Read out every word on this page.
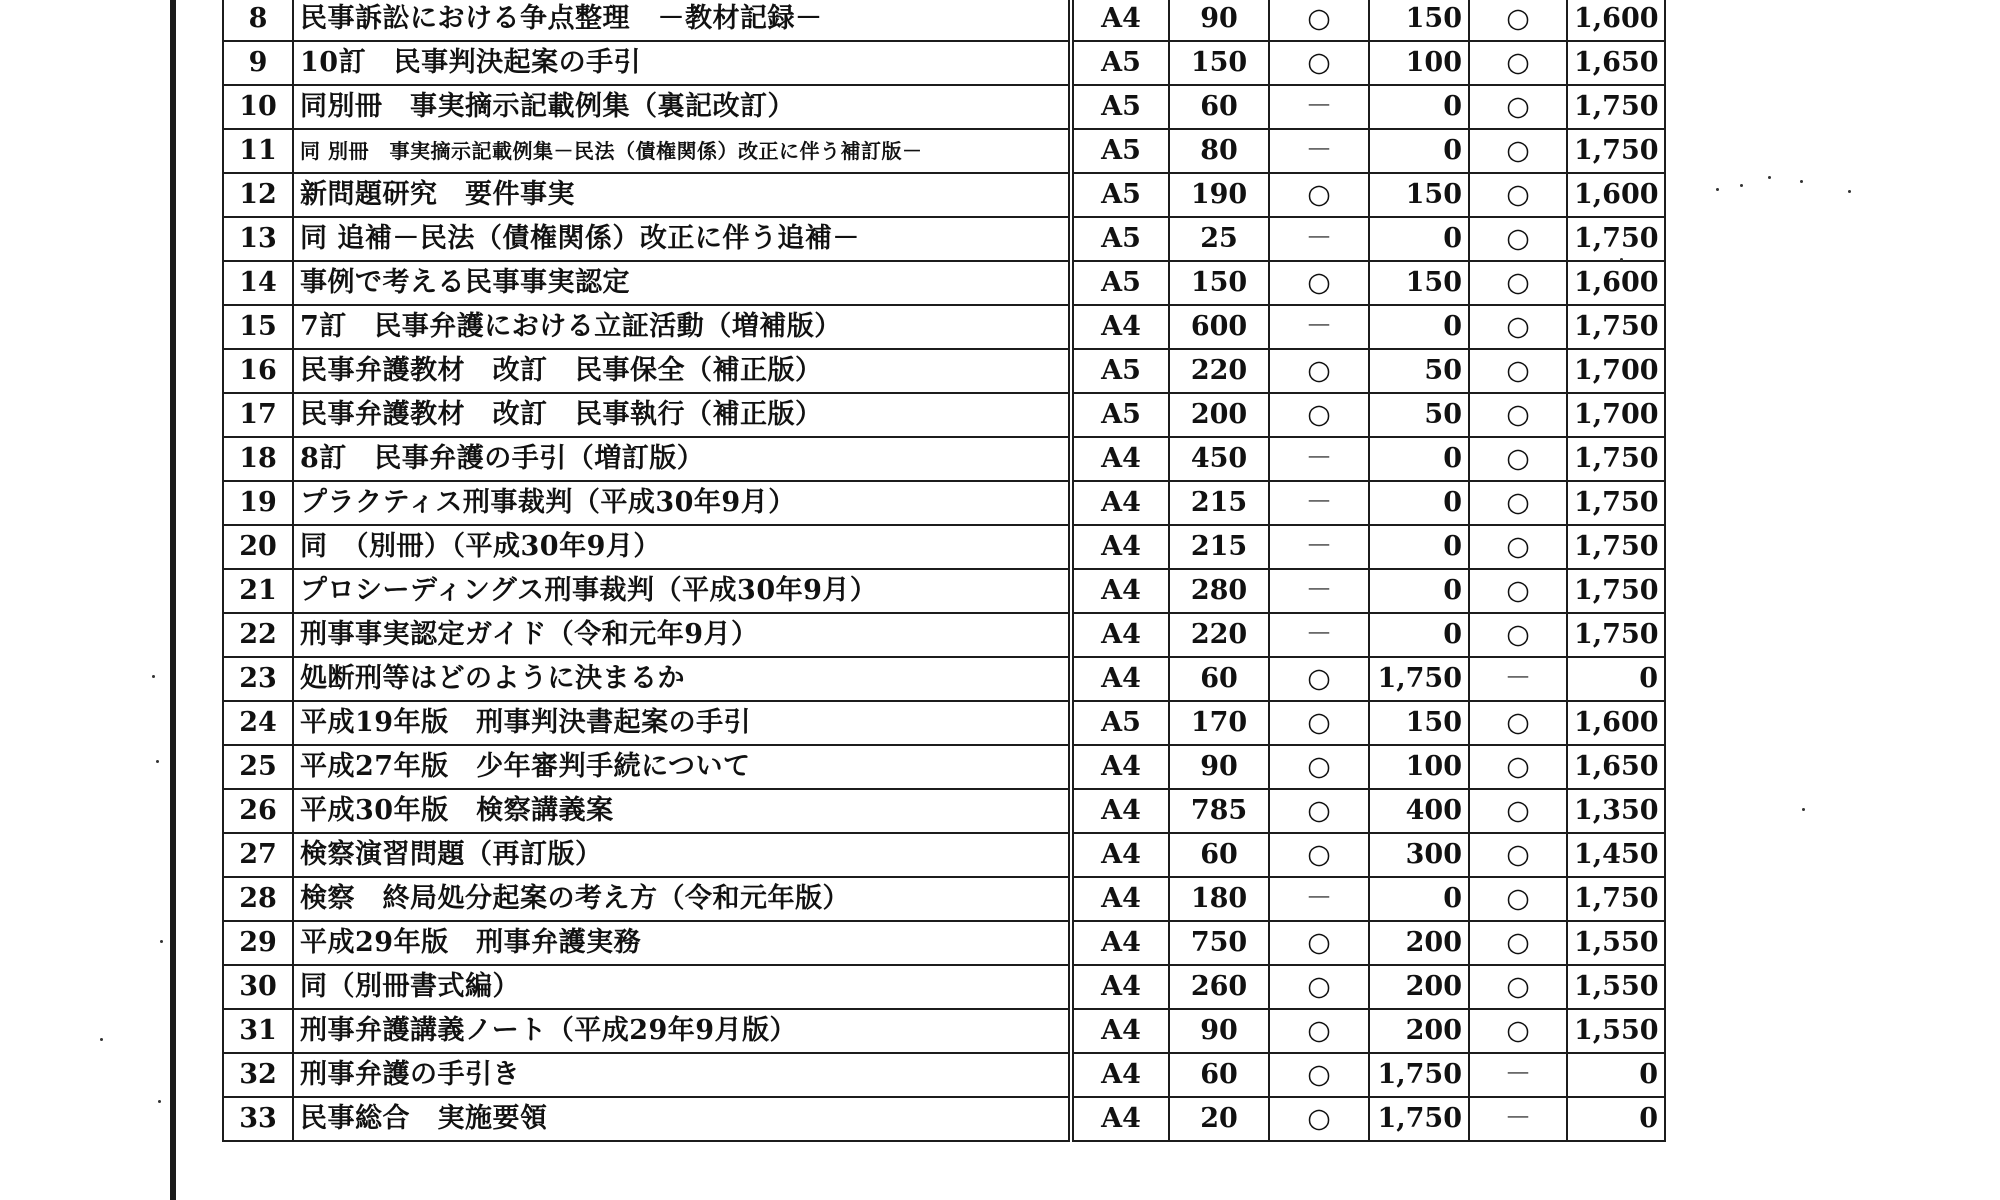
8	民事訴訟における争点整理　－教材記録－	A4	90	○	150	○	1,600
9	10訂　民事判決起案の手引	A5	150	○	100	○	1,650
10	同別冊　事実摘示記載例集（裏記改訂）	A5	60	－	0	○	1,750
11	同 別冊　事実摘示記載例集－民法（債権関係）改正に伴う補訂版－	A5	80	－	0	○	1,750
12	新問題研究　要件事実	A5	190	○	150	○	1,600
13	同 追補－民法（債権関係）改正に伴う追補－	A5	25	－	0	○	1,750
14	事例で考える民事事実認定	A5	150	○	150	○	1,600
15	7訂　民事弁護における立証活動（増補版）	A4	600	－	0	○	1,750
16	民事弁護教材　改訂　民事保全（補正版）	A5	220	○	50	○	1,700
17	民事弁護教材　改訂　民事執行（補正版）	A5	200	○	50	○	1,700
18	8訂　民事弁護の手引（増訂版）	A4	450	－	0	○	1,750
19	プラクティス刑事裁判（平成30年9月）	A4	215	－	0	○	1,750
20	同　（別冊）（平成30年9月）	A4	215	－	0	○	1,750
21	プロシーディングス刑事裁判（平成30年9月）	A4	280	－	0	○	1,750
22	刑事事実認定ガイド（令和元年9月）	A4	220	－	0	○	1,750
23	処断刑等はどのように決まるか	A4	60	○	1,750	－	0
24	平成19年版　刑事判決書起案の手引	A5	170	○	150	○	1,600
25	平成27年版　少年審判手続について	A4	90	○	100	○	1,650
26	平成30年版　検察講義案	A4	785	○	400	○	1,350
27	検察演習問題（再訂版）	A4	60	○	300	○	1,450
28	検察　終局処分起案の考え方（令和元年版）	A4	180	－	0	○	1,750
29	平成29年版　刑事弁護実務	A4	750	○	200	○	1,550
30	同（別冊書式編）	A4	260	○	200	○	1,550
31	刑事弁護講義ノート（平成29年9月版）	A4	90	○	200	○	1,550
32	刑事弁護の手引き	A4	60	○	1,750	－	0
33	民事総合　実施要領	A4	20	○	1,750	－	0
